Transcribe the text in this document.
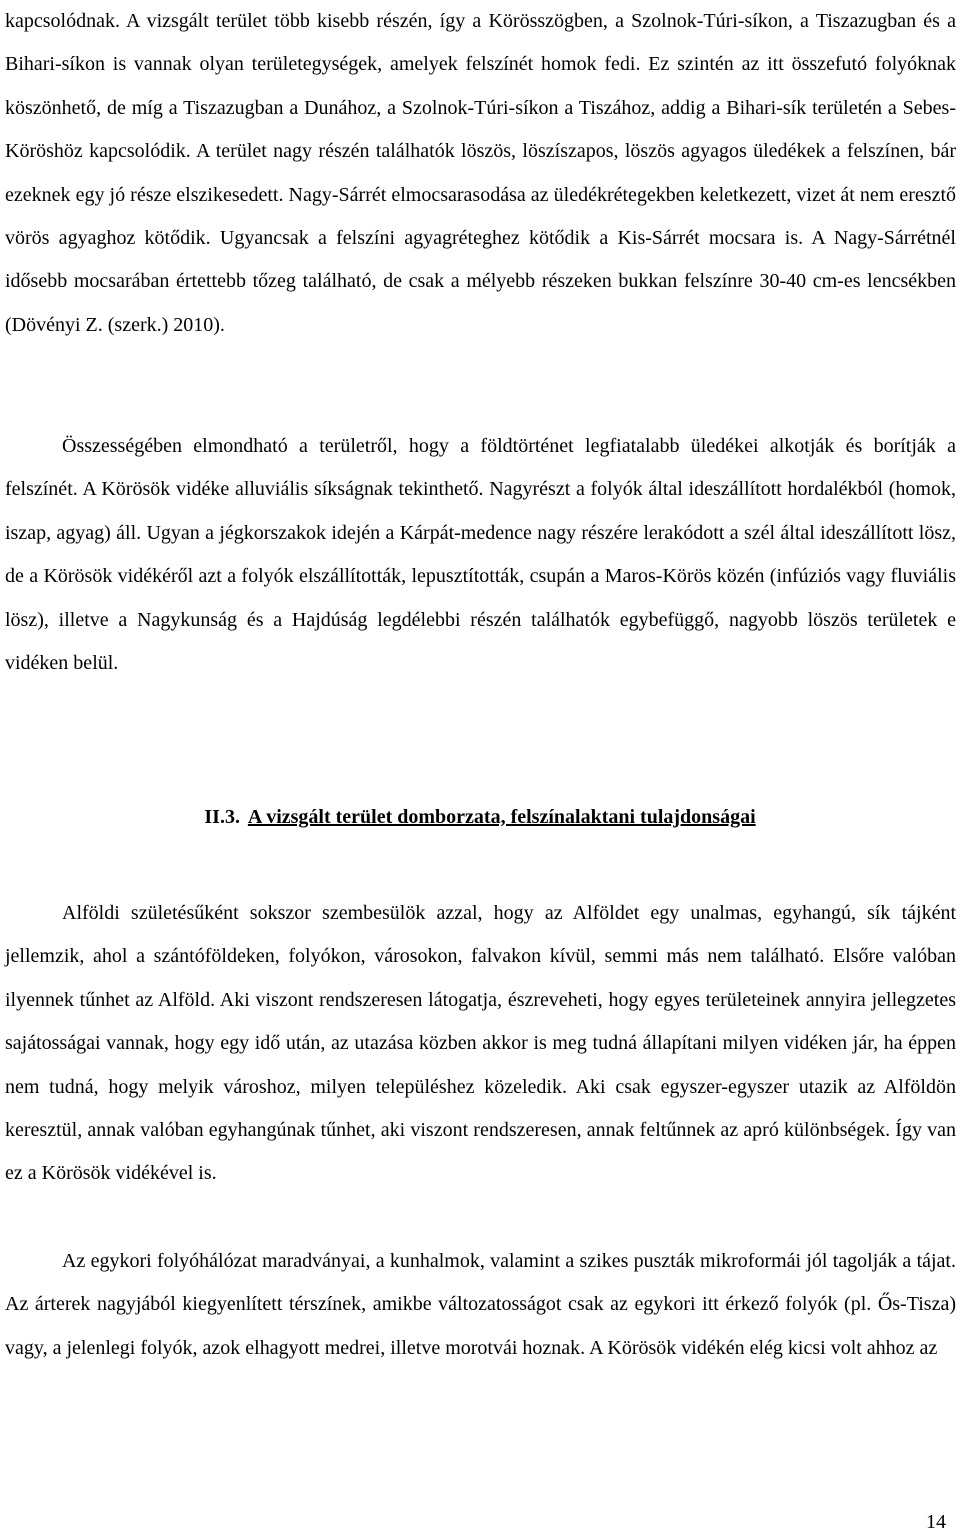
kapcsolódnak. A vizsgált terület több kisebb részén, így a Körösszögben, a Szolnok-Túri-síkon, a Tiszazugban és a Bihari-síkon is vannak olyan területegységek, amelyek felszínét homok fedi. Ez szintén az itt összefutó folyóknak köszönhető, de míg a Tiszazugban a Dunához, a Szolnok-Túri-síkon a Tiszához, addig a Bihari-sík területén a Sebes-Köröshöz kapcsolódik. A terület nagy részén találhatók löszös, löszíszapos, löszös agyagos üledékek a felszínen, bár ezeknek egy jó része elszikesedett. Nagy-Sárrét elmocsarasodása az üledékrétegekben keletkezett, vizet át nem eresztő vörös agyaghoz kötődik. Ugyancsak a felszíni agyagréteghez kötődik a Kis-Sárrét mocsara is. A Nagy-Sárrétnél idősebb mocsarában értettebb tőzeg található, de csak a mélyebb részeken bukkan felszínre 30-40 cm-es lencsékben (Dövényi Z. (szerk.) 2010).

Összességében elmondható a területről, hogy a földtörténet legfiatalabb üledékei alkotják és borítják a felszínét. A Körösök vidéke alluviális síkságnak tekinthető. Nagyrészt a folyók által ideszállított hordalékból (homok, iszap, agyag) áll. Ugyan a jégkorszakok idején a Kárpát-medence nagy részére lerakódott a szél által ideszállított lösz, de a Körösök vidékéről azt a folyók elszállították, lepusztították, csupán a Maros-Körös közén (infúziós vagy fluviális lösz), illetve a Nagykunság és a Hajdúság legdélebbi részén találhatók egybefüggő, nagyobb löszös területek e vidéken belül.

II.3. A vizsgált terület domborzata, felszínalaktani tulajdonságai

Alföldi születésűként sokszor szembesülök azzal, hogy az Alföldet egy unalmas, egyhangú, sík tájként jellemzik, ahol a szántóföldeken, folyókon, városokon, falvakon kívül, semmi más nem található. Elsőre valóban ilyennek tűnhet az Alföld. Aki viszont rendszeresen látogatja, észreveheti, hogy egyes területeinek annyira jellegzetes sajátosságai vannak, hogy egy idő után, az utazása közben akkor is meg tudná állapítani milyen vidéken jár, ha éppen nem tudná, hogy melyik városhoz, milyen településhez közeledik. Aki csak egyszer-egyszer utazik az Alföldön keresztül, annak valóban egyhangúnak tűnhet, aki viszont rendszeresen, annak feltűnnek az apró különbségek. Így van ez a Körösök vidékével is.

Az egykori folyóhálózat maradványai, a kunhalmok, valamint a szikes puszták mikroformái jól tagolják a tájat. Az árterek nagyjából kiegyenlített térszínek, amikbe változatosságot csak az egykori itt érkező folyók (pl. Ős-Tisza) vagy, a jelenlegi folyók, azok elhagyott medrei, illetve morotvái hoznak. A Körösök vidékén elég kicsi volt ahhoz az

14
